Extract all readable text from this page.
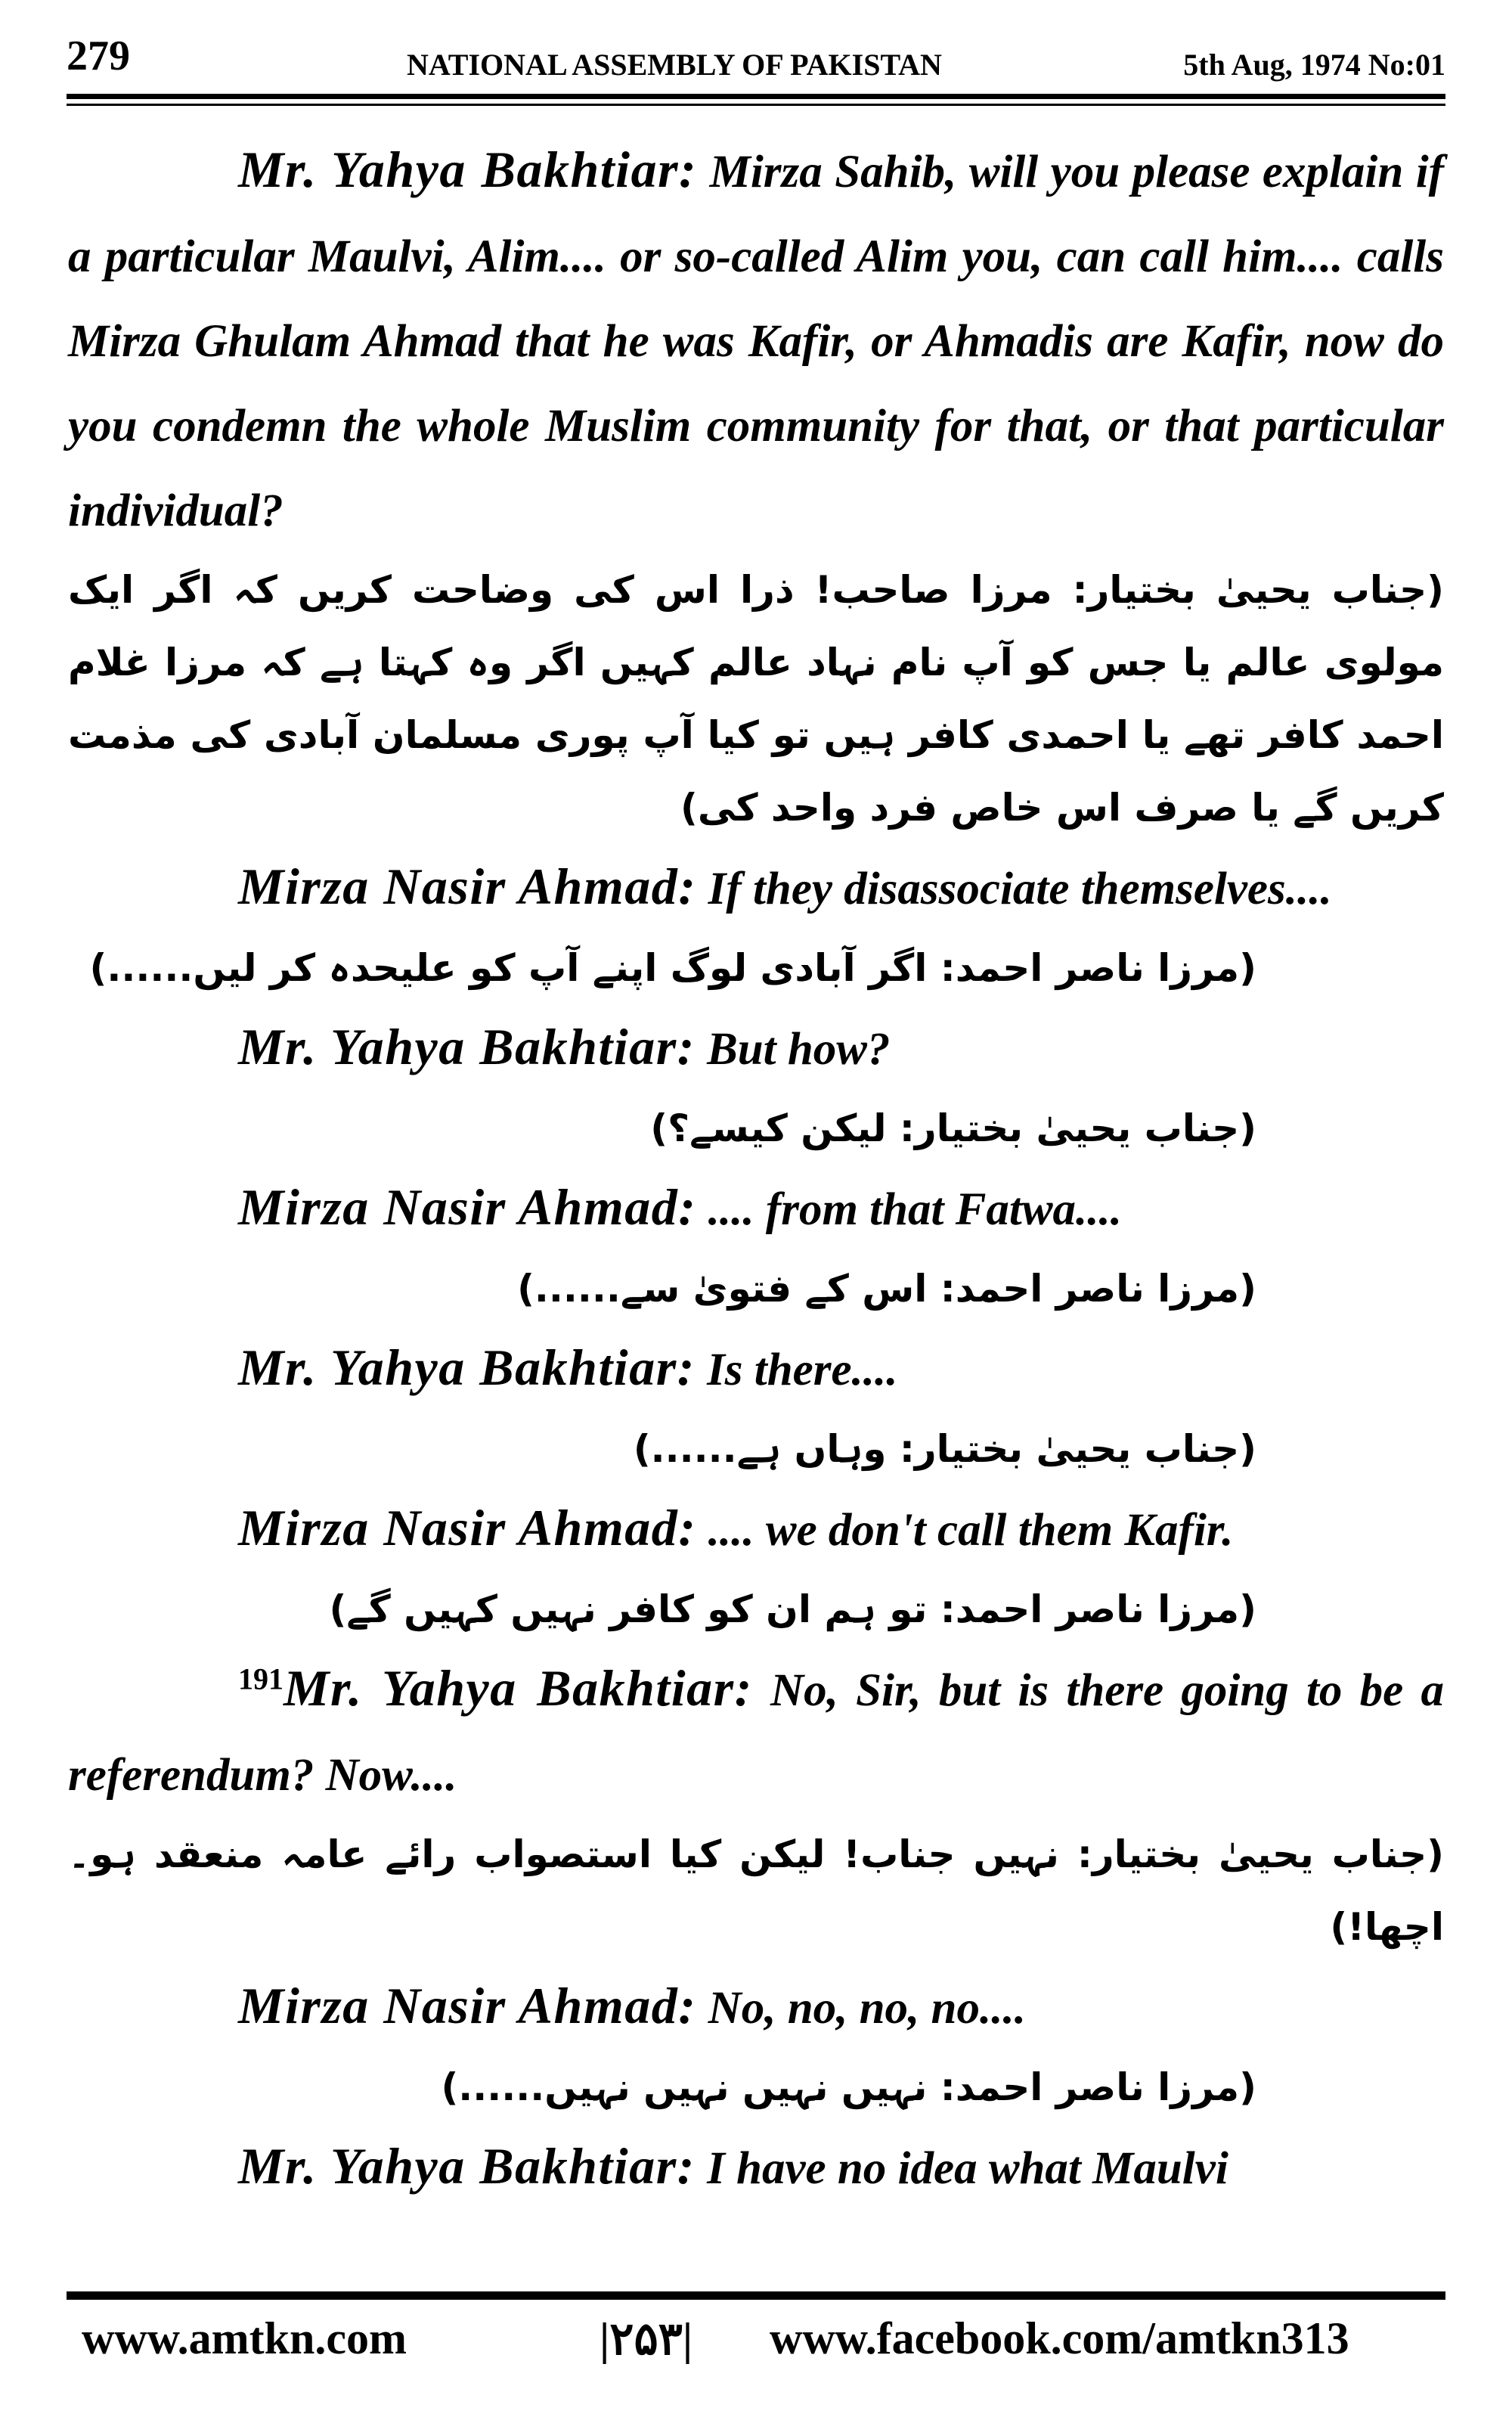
279	NATIONAL ASSEMBLY OF PAKISTAN	5th Aug, 1974 No:01

Mr. Yahya Bakhtiar: Mirza Sahib, will you please explain if a particular Maulvi, Alim.... or so-called Alim you, can call him.... calls Mirza Ghulam Ahmad that he was Kafir, or Ahmadis are Kafir, now do you condemn the whole Muslim community for that, or that particular individual?

(جناب یحییٰ بختیار: مرزا صاحب! ذرا اس کی وضاحت کریں کہ اگر ایک مولوی عالم یا جس کو آپ نام نہاد عالم کہیں اگر وہ کہتا ہے کہ مرزا غلام احمد کافر تھے یا احمدی کافر ہیں تو کیا آپ پوری مسلمان آبادی کی مذمت کریں گے یا صرف اس خاص فرد واحد کی)

Mirza Nasir Ahmad: If they disassociate themselves....

(مرزا ناصر احمد: اگر آبادی لوگ اپنے آپ کو علیحدہ کر لیں......)

Mr. Yahya Bakhtiar: But how?

(جناب یحییٰ بختیار: لیکن کیسے؟)

Mirza Nasir Ahmad: .... from that Fatwa....

(مرزا ناصر احمد: اس کے فتویٰ سے......)

Mr. Yahya Bakhtiar: Is there....

(جناب یحییٰ بختیار: وہاں ہے......)

Mirza Nasir Ahmad: .... we don't call them Kafir.

(مرزا ناصر احمد: تو ہم ان کو کافر نہیں کہیں گے)

$^{191}$Mr. Yahya Bakhtiar: No, Sir, but is there going to be a referendum? Now....

(جناب یحییٰ بختیار: نہیں جناب! لیکن کیا استصواب رائے عامہ منعقد ہو۔ اچھا!)

Mirza Nasir Ahmad: No, no, no, no....

(مرزا ناصر احمد: نہیں نہیں نہیں نہیں......)

Mr. Yahya Bakhtiar: I have no idea what Maulvi

www.amtkn.com	|۲۵۳| www.facebook.com/amtkn313
